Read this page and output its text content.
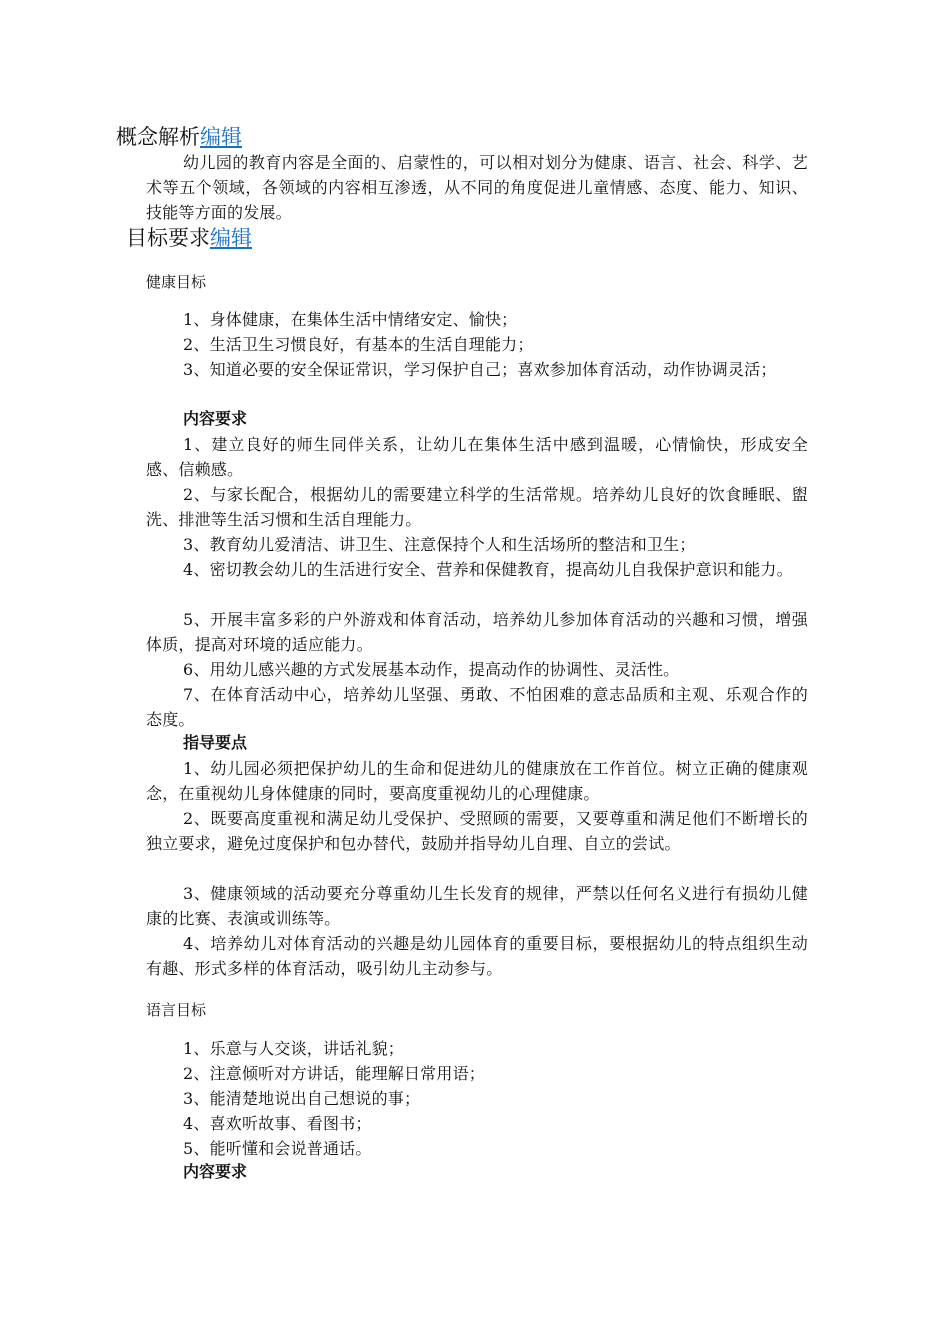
概念解析编辑
幼儿园的教育内容是全面的、启蒙性的，可以相对划分为健康、语言、社会、科学、艺术等五个领域，各领域的内容相互渗透，从不同的角度促进儿童情感、态度、能力、知识、技能等方面的发展。
目标要求编辑
健康目标
1、身体健康，在集体生活中情绪安定、愉快；
2、生活卫生习惯良好，有基本的生活自理能力；
3、知道必要的安全保证常识，学习保护自己；喜欢参加体育活动，动作协调灵活；
内容要求
1、建立良好的师生同伴关系，让幼儿在集体生活中感到温暖，心情愉快，形成安全感、信赖感。
2、与家长配合，根据幼儿的需要建立科学的生活常规。培养幼儿良好的饮食睡眠、盥洗、排泄等生活习惯和生活自理能力。
3、教育幼儿爱清洁、讲卫生、注意保持个人和生活场所的整洁和卫生；
4、密切教会幼儿的生活进行安全、营养和保健教育，提高幼儿自我保护意识和能力。
5、开展丰富多彩的户外游戏和体育活动，培养幼儿参加体育活动的兴趣和习惯，增强体质，提高对环境的适应能力。
6、用幼儿感兴趣的方式发展基本动作，提高动作的协调性、灵活性。
7、在体育活动中心，培养幼儿坚强、勇敢、不怕困难的意志品质和主观、乐观合作的态度。
指导要点
1、幼儿园必须把保护幼儿的生命和促进幼儿的健康放在工作首位。树立正确的健康观念，在重视幼儿身体健康的同时，要高度重视幼儿的心理健康。
2、既要高度重视和满足幼儿受保护、受照顾的需要，又要尊重和满足他们不断增长的独立要求，避免过度保护和包办替代，鼓励并指导幼儿自理、自立的尝试。
3、健康领域的活动要充分尊重幼儿生长发育的规律，严禁以任何名义进行有损幼儿健康的比赛、表演或训练等。
4、培养幼儿对体育活动的兴趣是幼儿园体育的重要目标，要根据幼儿的特点组织生动有趣、形式多样的体育活动，吸引幼儿主动参与。
语言目标
1、乐意与人交谈，讲话礼貌；
2、注意倾听对方讲话，能理解日常用语；
3、能清楚地说出自己想说的事；
4、喜欢听故事、看图书；
5、能听懂和会说普通话。
内容要求
